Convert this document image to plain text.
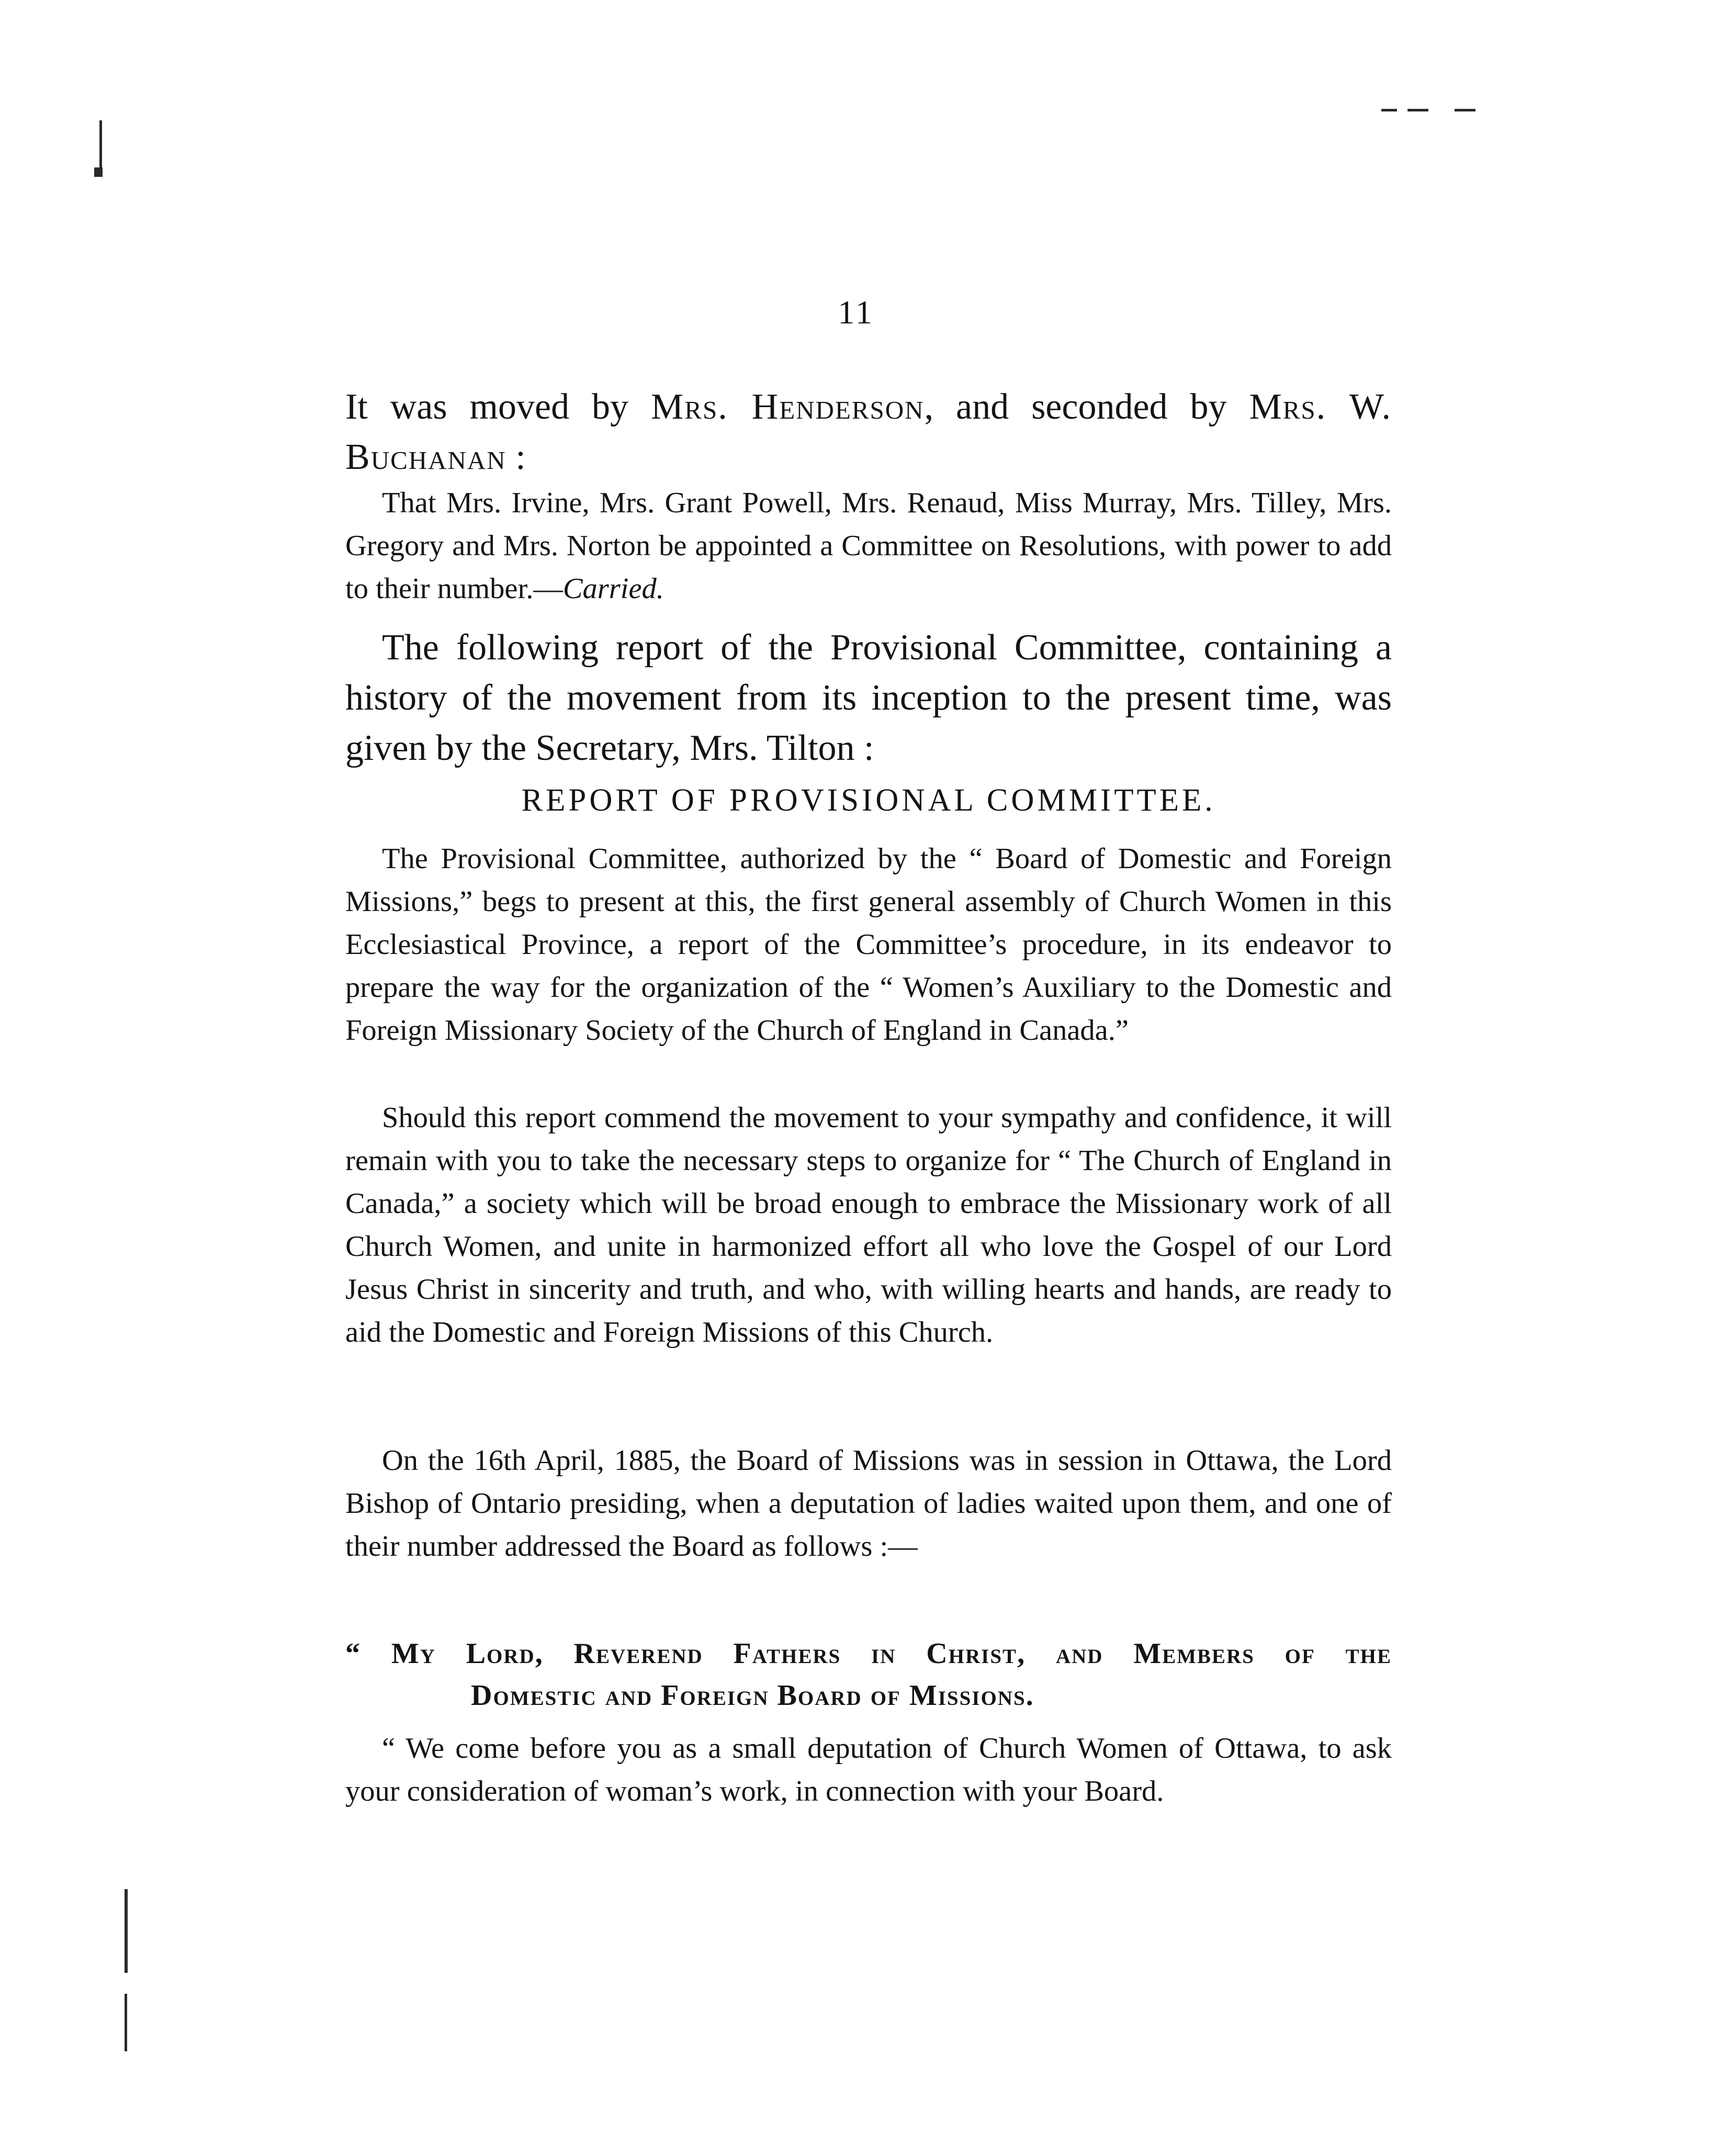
11

It was moved by Mrs. Henderson, and seconded by Mrs. W. Buchanan :

That Mrs. Irvine, Mrs. Grant Powell, Mrs. Renaud, Miss Murray, Mrs. Tilley, Mrs. Gregory and Mrs. Norton be appointed a Committee on Resolutions, with power to add to their number.—Carried.

The following report of the Provisional Committee, containing a history of the movement from its inception to the present time, was given by the Secretary, Mrs. Tilton :

REPORT OF PROVISIONAL COMMITTEE.

The Provisional Committee, authorized by the “ Board of Domestic and Foreign Missions,” begs to present at this, the first general assembly of Church Women in this Ecclesiastical Province, a report of the Committee’s procedure, in its endeavor to prepare the way for the organization of the “ Women’s Auxiliary to the Domestic and Foreign Missionary Society of the Church of England in Canada.”

Should this report commend the movement to your sympathy and confidence, it will remain with you to take the necessary steps to organize for “ The Church of England in Canada,” a society which will be broad enough to embrace the Missionary work of all Church Women, and unite in harmonized effort all who love the Gospel of our Lord Jesus Christ in sincerity and truth, and who, with willing hearts and hands, are ready to aid the Domestic and Foreign Missions of this Church.

On the 16th April, 1885, the Board of Missions was in session in Ottawa, the Lord Bishop of Ontario presiding, when a deputation of ladies waited upon them, and one of their number addressed the Board as follows :—

“ My Lord, Reverend Fathers in Christ, and Members of the

Domestic and Foreign Board of Missions.

“ We come before you as a small deputation of Church Women of Ottawa, to ask your consideration of woman’s work, in connection with your Board.
